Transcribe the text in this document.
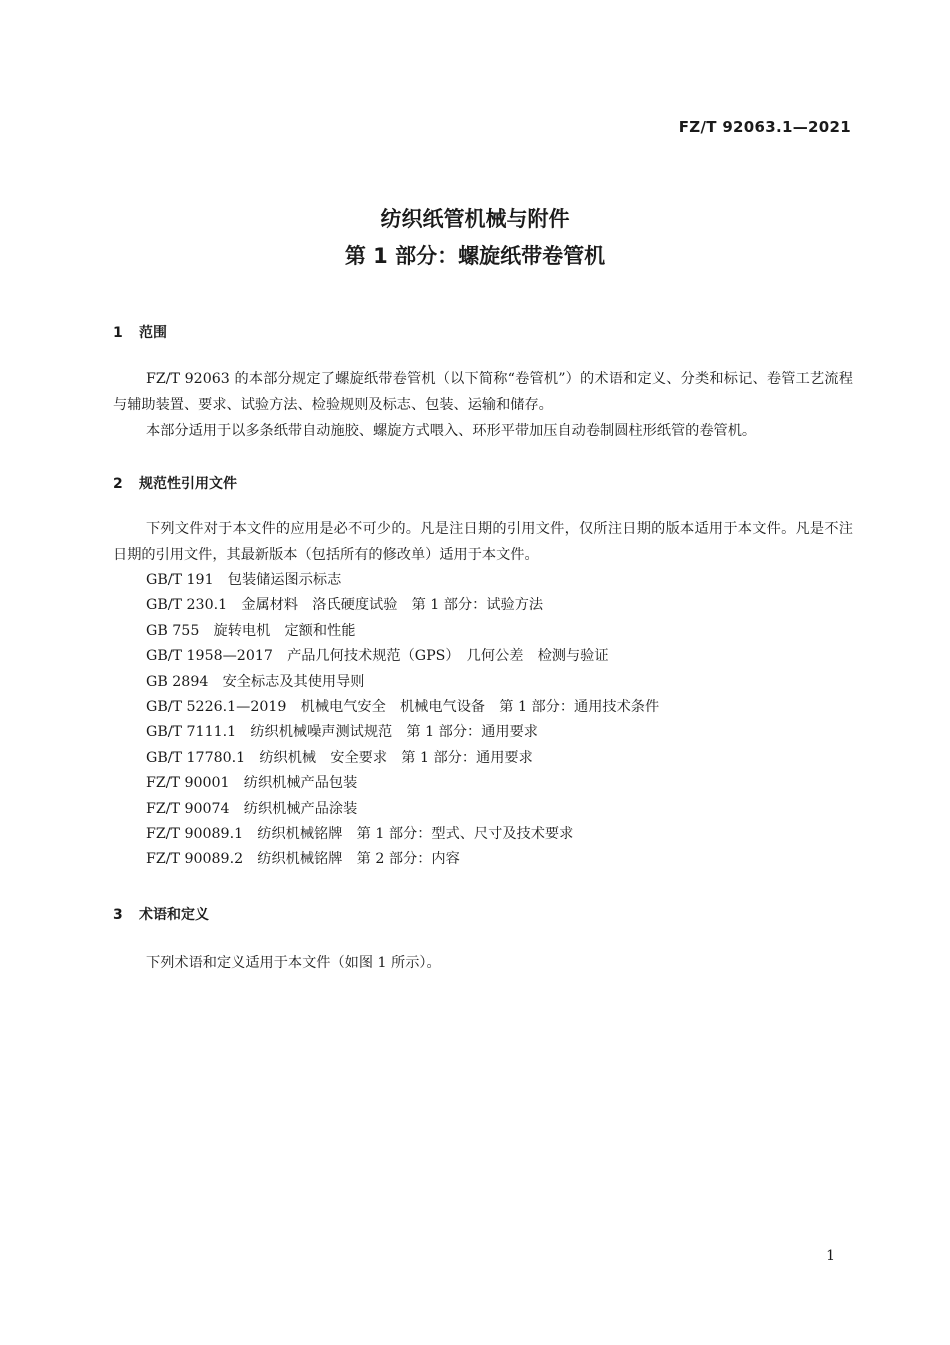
FZ/T 92063.1—2021
纺织纸管机械与附件
第 1 部分：螺旋纸带卷管机
1 范围
FZ/T 92063 的本部分规定了螺旋纸带卷管机（以下简称“卷管机”）的术语和定义、分类和标记、卷管工艺流程与辅助装置、要求、试验方法、检验规则及标志、包装、运输和储存。
本部分适用于以多条纸带自动施胶、螺旋方式喂入、环形平带加压自动卷制圆柱形纸管的卷管机。
2 规范性引用文件
下列文件对于本文件的应用是必不可少的。凡是注日期的引用文件，仅所注日期的版本适用于本文件。凡是不注日期的引用文件，其最新版本（包括所有的修改单）适用于本文件。
GB/T 191　包装储运图示标志
GB/T 230.1　金属材料　洛氏硬度试验　第 1 部分：试验方法
GB 755　旋转电机　定额和性能
GB/T 1958—2017　产品几何技术规范（GPS）　几何公差　检测与验证
GB 2894　安全标志及其使用导则
GB/T 5226.1—2019　机械电气安全　机械电气设备　第 1 部分：通用技术条件
GB/T 7111.1　纺织机械噪声测试规范　第 1 部分：通用要求
GB/T 17780.1　纺织机械　安全要求　第 1 部分：通用要求
FZ/T 90001　纺织机械产品包装
FZ/T 90074　纺织机械产品涂装
FZ/T 90089.1　纺织机械铭牌　第 1 部分：型式、尺寸及技术要求
FZ/T 90089.2　纺织机械铭牌　第 2 部分：内容
3 术语和定义
下列术语和定义适用于本文件（如图 1 所示）。
1
